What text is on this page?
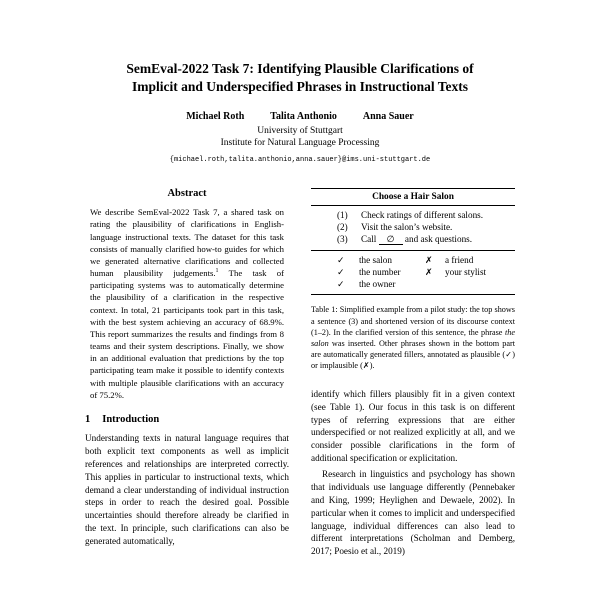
SemEval-2022 Task 7: Identifying Plausible Clarifications of
Implicit and Underspecified Phrases in Instructional Texts
Michael Roth	Talita Anthonio	Anna Sauer
University of Stuttgart
Institute for Natural Language Processing
{michael.roth,talita.anthonio,anna.sauer}@ims.uni-stuttgart.de
Abstract
We describe SemEval-2022 Task 7, a shared task on rating the plausibility of clarifications in English-language instructional texts. The dataset for this task consists of manually clarified how-to guides for which we generated alternative clarifications and collected human plausibility judgements.$^1$ The task of participating systems was to automatically determine the plausibility of a clarification in the respective context. In total, 21 participants took part in this task, with the best system achieving an accuracy of 68.9%. This report summarizes the results and findings from 8 teams and their system descriptions. Finally, we show in an additional evaluation that predictions by the top participating team make it possible to identify contexts with multiple plausible clarifications with an accuracy of 75.2%.
1 Introduction

Understanding texts in natural language requires that both explicit text components as well as implicit references and relationships are interpreted correctly. This applies in particular to instructional texts, which demand a clear understanding of individual instruction steps in order to reach the desired goal. Possible uncertainties should therefore already be clarified in the text. In principle, such clarifications can also be generated automatically,

Choose a Hair Salon
(1)	Check ratings of different salons.
(2)	Visit the salon’s website.
(3)	Call ∅ and ask questions.
✓	the salon	✗	a friend
✓	the number	✗	your stylist
✓	the owner
Table 1: Simplified example from a pilot study: the top shows a sentence (3) and shortened version of its discourse context (1–2). In the clarified version of this sentence, the phrase the salon was inserted. Other phrases shown in the bottom part are automatically generated fillers, annotated as plausible (✓) or implausible (✗).

identify which fillers plausibly fit in a given context (see Table 1). Our focus in this task is on different types of referring expressions that are either underspecified or not realized explicitly at all, and we consider possible clarifications in the form of additional specification or explicitation.

Research in linguistics and psychology has shown that individuals use language differently (Pennebaker and King, 1999; Heylighen and Dewaele, 2002). In particular when it comes to implicit and underspecified language, individual differences can also lead to different interpretations (Scholman and Demberg, 2017; Poesio et al., 2019)
